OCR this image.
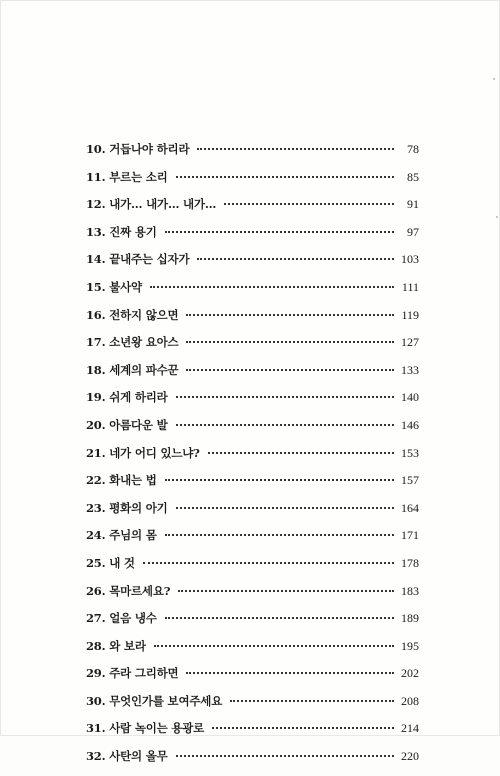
10. 거듭나야 하리라	78
11. 부르는 소리	85
12. 내가… 내가… 내가…	91
13. 진짜 용기	97
14. 끝내주는 십자가	103
15. 불사약	111
16. 전하지 않으면	119
17. 소년왕 요아스	127
18. 세계의 파수꾼	133
19. 쉬게 하리라	140
20. 아름다운 발	146
21. 네가 어디 있느냐?	153
22. 화내는 법	157
23. 평화의 아기	164
24. 주님의 몸	171
25. 내 것	178
26. 목마르세요?	183
27. 얼음 냉수	189
28. 와 보라	195
29. 주라 그리하면	202
30. 무엇인가를 보여주세요	208
31. 사람 녹이는 용광로	214
32. 사탄의 올무	220
